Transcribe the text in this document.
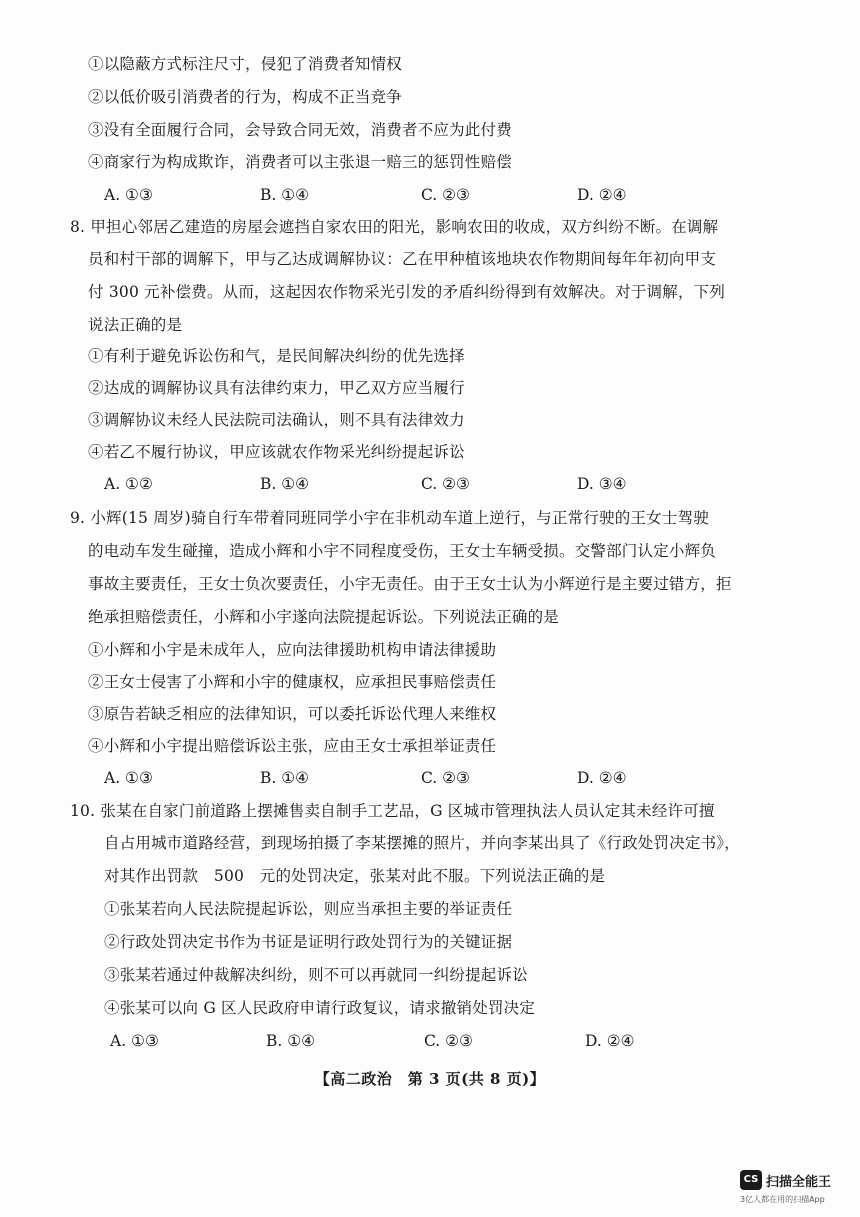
①以隐蔽方式标注尺寸，侵犯了消费者知情权
②以低价吸引消费者的行为，构成不正当竞争
③没有全面履行合同，会导致合同无效，消费者不应为此付费
④商家行为构成欺诈，消费者可以主张退一赔三的惩罚性赔偿
A. ①③	B. ①④	C. ②③	D. ②④
8. 甲担心邻居乙建造的房屋会遮挡自家农田的阳光，影响农田的收成，双方纠纷不断。在调解
员和村干部的调解下，甲与乙达成调解协议：乙在甲种植该地块农作物期间每年年初向甲支
付 300 元补偿费。从而，这起因农作物采光引发的矛盾纠纷得到有效解决。对于调解，下列
说法正确的是
①有利于避免诉讼伤和气，是民间解决纠纷的优先选择
②达成的调解协议具有法律约束力，甲乙双方应当履行
③调解协议未经人民法院司法确认，则不具有法律效力
④若乙不履行协议，甲应该就农作物采光纠纷提起诉讼
A. ①②	B. ①④	C. ②③	D. ③④
9. 小辉(15 周岁)骑自行车带着同班同学小宇在非机动车道上逆行，与正常行驶的王女士驾驶
的电动车发生碰撞，造成小辉和小宇不同程度受伤，王女士车辆受损。交警部门认定小辉负
事故主要责任，王女士负次要责任，小宇无责任。由于王女士认为小辉逆行是主要过错方，拒
绝承担赔偿责任，小辉和小宇遂向法院提起诉讼。下列说法正确的是
①小辉和小宇是未成年人，应向法律援助机构申请法律援助
②王女士侵害了小辉和小宇的健康权，应承担民事赔偿责任
③原告若缺乏相应的法律知识，可以委托诉讼代理人来维权
④小辉和小宇提出赔偿诉讼主张，应由王女士承担举证责任
A. ①③	B. ①④	C. ②③	D. ②④
10. 张某在自家门前道路上摆摊售卖自制手工艺品，G 区城市管理执法人员认定其未经许可擅
自占用城市道路经营，到现场拍摄了李某摆摊的照片，并向李某出具了《行政处罚决定书》，
对其作出罚款　500　元的处罚决定，张某对此不服。下列说法正确的是
①张某若向人民法院提起诉讼，则应当承担主要的举证责任
②行政处罚决定书作为书证是证明行政处罚行为的关键证据
③张某若通过仲裁解决纠纷，则不可以再就同一纠纷提起诉讼
④张某可以向 G 区人民政府申请行政复议，请求撤销处罚决定
A. ①③	B. ①④	C. ②③	D. ②④
【高二政治　第 3 页(共 8 页)】
CS 扫描全能王
3亿人都在用的扫描App
